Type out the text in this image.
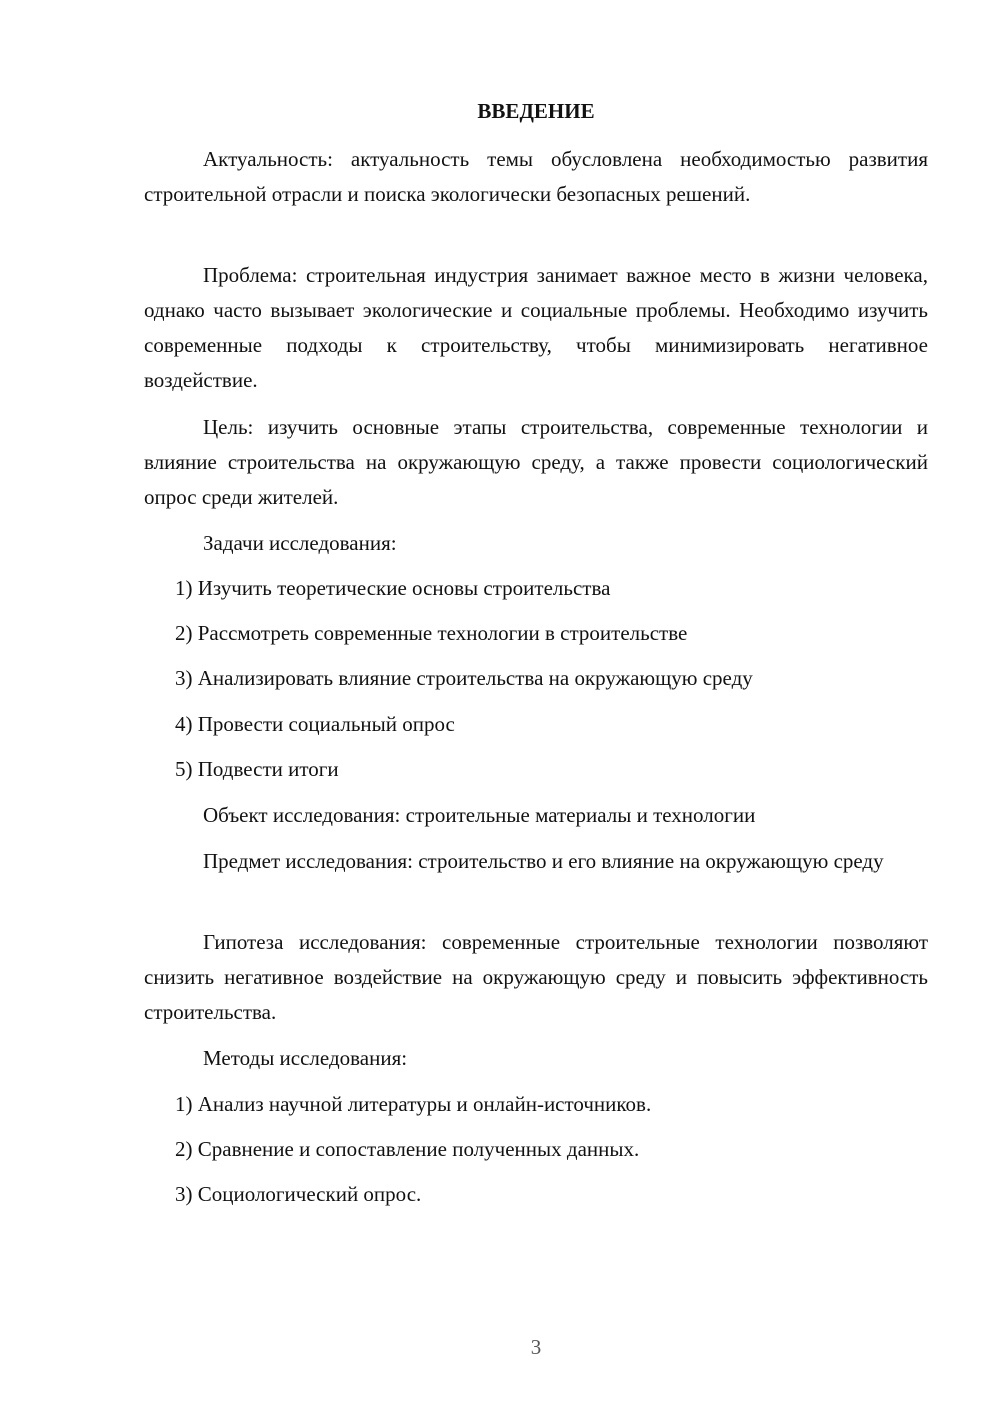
ВВЕДЕНИЕ

Актуальность: актуальность темы обусловлена необходимостью развития строительной отрасли и поиска экологически безопасных решений.

Проблема: строительная индустрия занимает важное место в жизни человека, однако часто вызывает экологические и социальные проблемы. Необходимо изучить современные подходы к строительству, чтобы минимизировать негативное воздействие.

Цель: изучить основные этапы строительства, современные технологии и влияние строительства на окружающую среду, а также провести социологический опрос среди жителей.

Задачи исследования:

1) Изучить теоретические основы строительства

2) Рассмотреть современные технологии в строительстве

3) Анализировать влияние строительства на окружающую среду

4) Провести социальный опрос

5) Подвести итоги

Объект исследования: строительные материалы и технологии

Предмет исследования: строительство и его влияние на окружающую среду

Гипотеза исследования: современные строительные технологии позволяют снизить негативное воздействие на окружающую среду и повысить эффективность строительства.

Методы исследования:

1) Анализ научной литературы и онлайн-источников.

2) Сравнение и сопоставление полученных данных.

3) Социологический опрос.

3
